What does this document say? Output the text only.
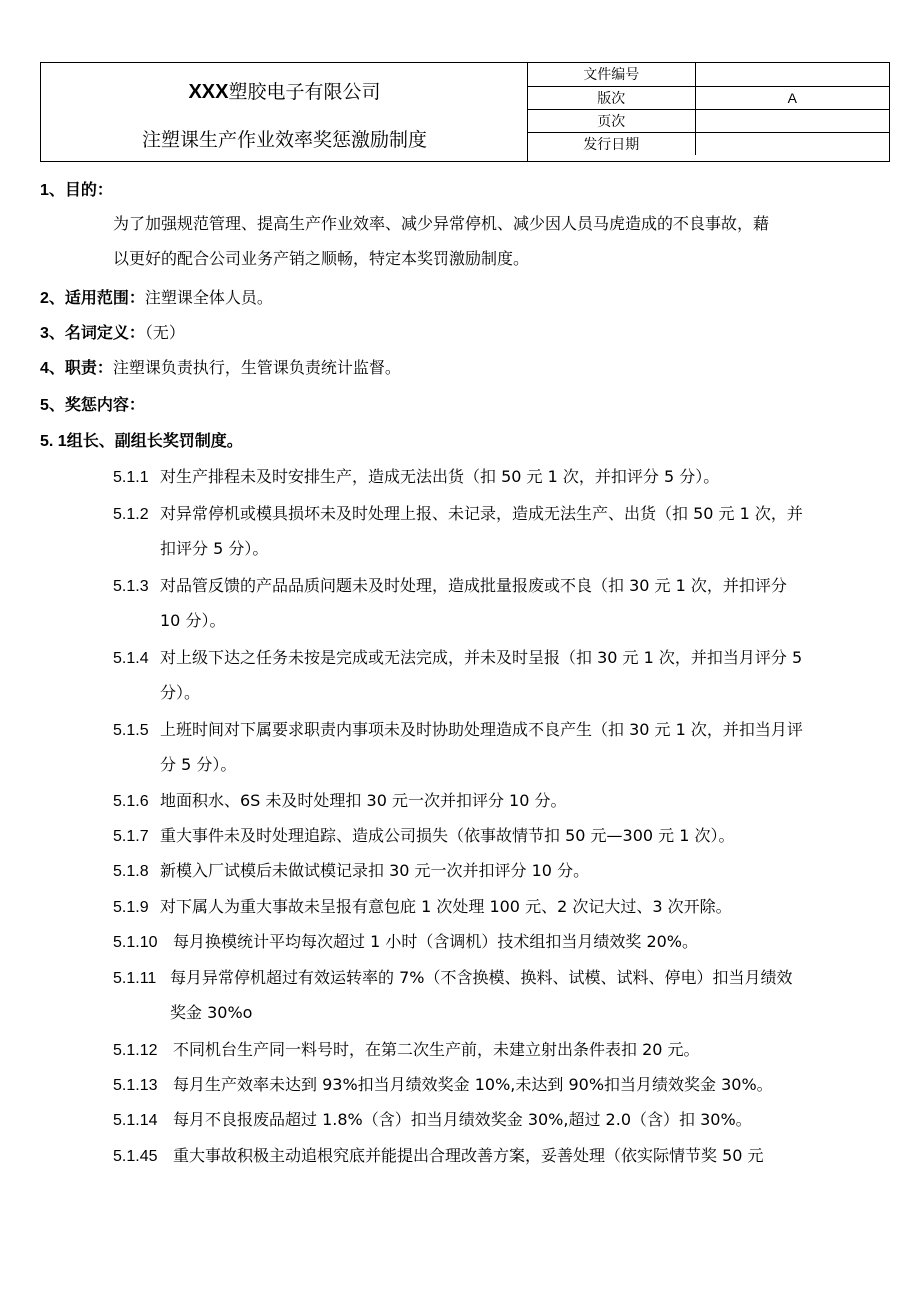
XXX塑胶电子有限公司
注塑课生产作业效率奖惩激励制度
文件编号	
版次	A
页次	
发行日期	
1、目的：
为了加强规范管理、提高生产作业效率、减少异常停机、减少因人员马虎造成的不良事故，藉
以更好的配合公司业务产销之顺畅，特定本奖罚激励制度。
2、适用范围：注塑课全体人员。
3、名词定义：（无）
4、职责：注塑课负责执行，生管课负责统计监督。
5、奖惩内容：
5. 1组长、副组长奖罚制度。
5.1.1 对生产排程未及时安排生产，造成无法出货（扣 50 元 1 次，并扣评分 5 分）。
5.1.2 对异常停机或模具损坏未及时处理上报、未记录，造成无法生产、出货（扣 50 元 1 次，并
扣评分 5 分）。
5.1.3 对品管反馈的产品品质问题未及时处理，造成批量报废或不良（扣 30 元 1 次，并扣评分
10 分）。
5.1.4 对上级下达之任务未按是完成或无法完成，并未及时呈报（扣 30 元 1 次，并扣当月评分 5
分）。
5.1.5 上班时间对下属要求职责内事项未及时协助处理造成不良产生（扣 30 元 1 次，并扣当月评
分 5 分）。
5.1.6 地面积水、6S 未及时处理扣 30 元一次并扣评分 10 分。
5.1.7 重大事件未及时处理追踪、造成公司损失（依事故情节扣 50 元—300 元 1 次）。
5.1.8 新模入厂试模后未做试模记录扣 30 元一次并扣评分 10 分。
5.1.9 对下属人为重大事故未呈报有意包庇 1 次处理 100 元、2 次记大过、3 次开除。
5.1.10 每月换模统计平均每次超过 1 小时（含调机）技术组扣当月绩效奖 20%。
5.1.11 每月异常停机超过有效运转率的 7%（不含换模、换料、试模、试料、停电）扣当月绩效
奖金 30%o
5.1.12 不同机台生产同一料号时，在第二次生产前，未建立射出条件表扣 20 元。
5.1.13 每月生产效率未达到 93%扣当月绩效奖金 10%,未达到 90%扣当月绩效奖金 30%。
5.1.14 每月不良报废品超过 1.8%（含）扣当月绩效奖金 30%,超过 2.0（含）扣 30%。
5.1.45 重大事故积极主动追根究底并能提出合理改善方案，妥善处理（依实际情节奖 50 元
